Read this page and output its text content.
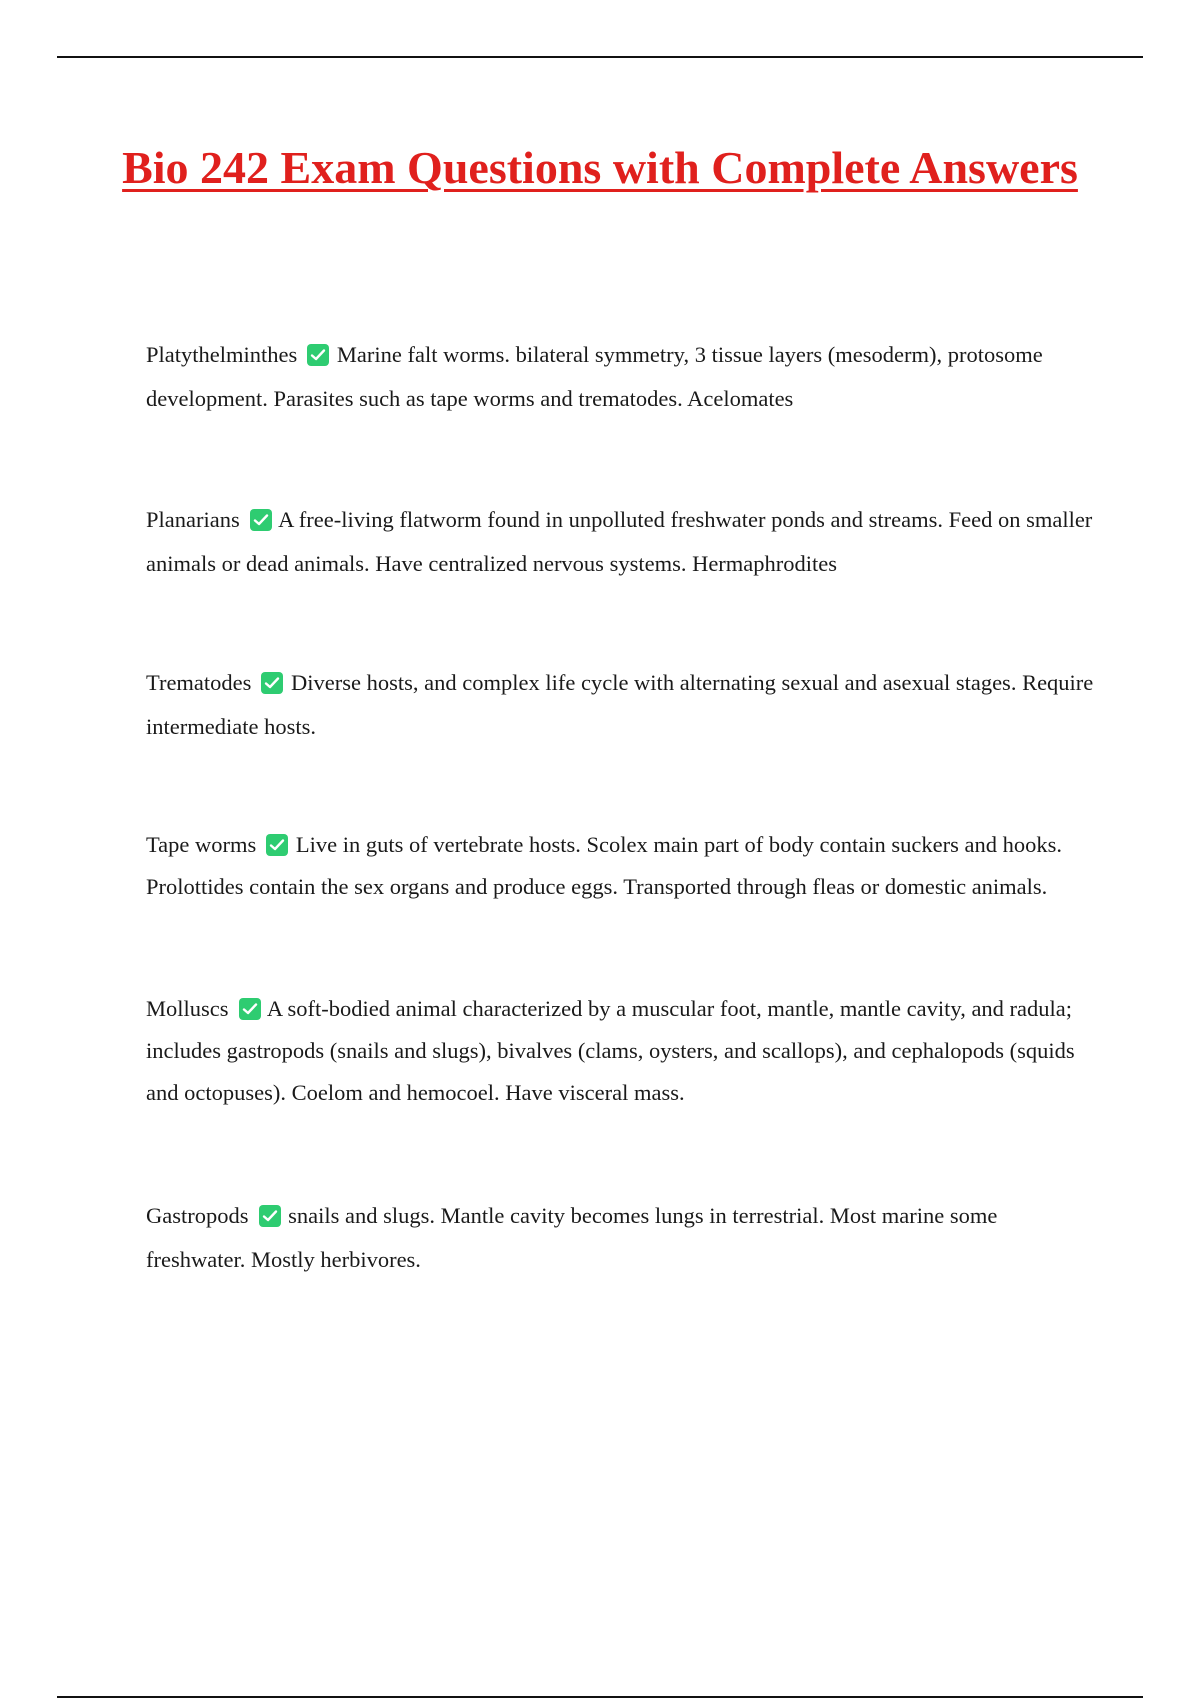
Bio 242 Exam Questions with Complete Answers

Platythelminthes Marine falt worms. bilateral symmetry, 3 tissue layers (mesoderm), protosome development. Parasites such as tape worms and trematodes. Acelomates

Planarians A free-living flatworm found in unpolluted freshwater ponds and streams. Feed on smaller animals or dead animals. Have centralized nervous systems. Hermaphrodites

Trematodes Diverse hosts, and complex life cycle with alternating sexual and asexual stages. Require intermediate hosts.

Tape worms Live in guts of vertebrate hosts. Scolex main part of body contain suckers and hooks. Prolottides contain the sex organs and produce eggs. Transported through fleas or domestic animals.

Molluscs A soft-bodied animal characterized by a muscular foot, mantle, mantle cavity, and radula; includes gastropods (snails and slugs), bivalves (clams, oysters, and scallops), and cephalopods (squids and octopuses). Coelom and hemocoel. Have visceral mass.

Gastropods snails and slugs. Mantle cavity becomes lungs in terrestrial. Most marine some freshwater. Mostly herbivores.
